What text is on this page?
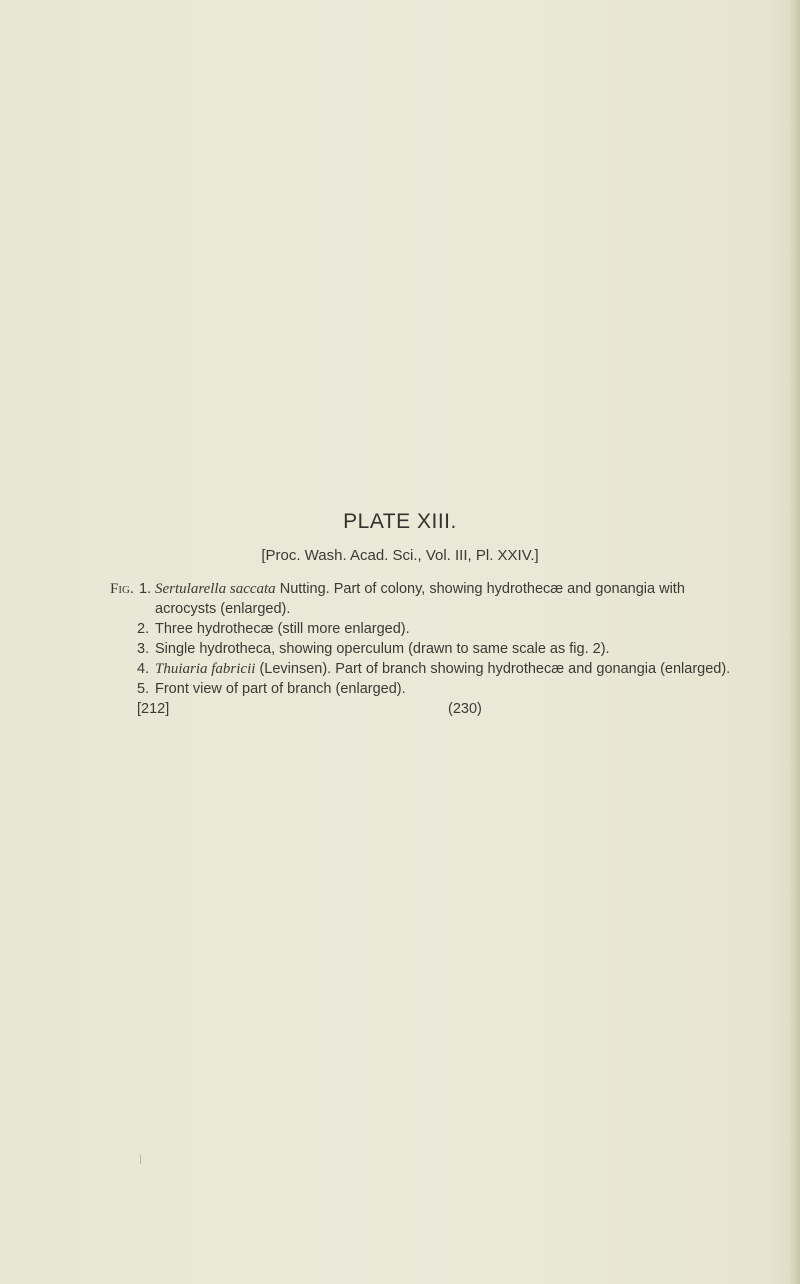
PLATE XIII.
[Proc. Wash. Acad. Sci., Vol. III, Pl. XXIV.]
Fig. 1. Sertularella saccata Nutting. Part of colony, showing hydrothecæ and gonangia with acrocysts (enlarged).
2. Three hydrothecæ (still more enlarged).
3. Single hydrotheca, showing operculum (drawn to same scale as fig. 2).
4. Thuiaria fabricii (Levinsen). Part of branch showing hydrothecæ and gonangia (enlarged).
5. Front view of part of branch (enlarged).
[212]	(230)
